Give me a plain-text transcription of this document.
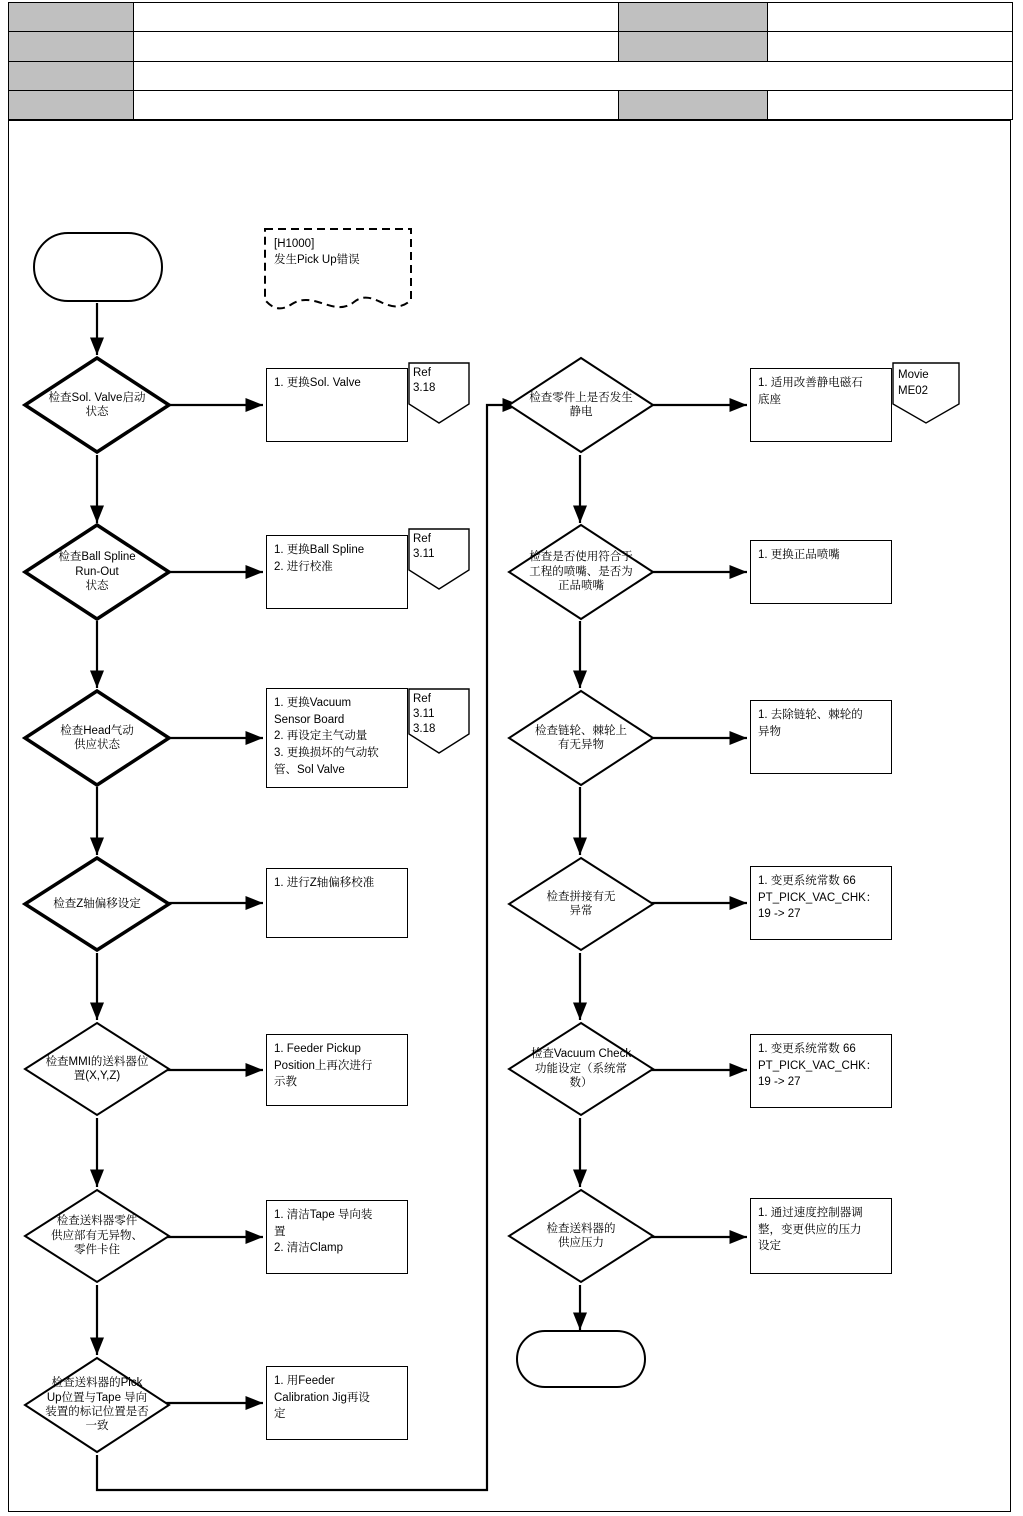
[H1000]
发生Pick Up错误
检查Sol. Valve启动
状态
1. 更换Sol. Valve
Ref
3.18
检查Ball Spline
Run-Out
状态
1. 更换Ball Spline
2. 进行校准
Ref
3.11
检查Head气动
供应状态
1. 更换Vacuum
Sensor Board
2. 再设定主气动量
3. 更换损坏的气动软
管、Sol Valve
Ref
3.11
3.18
检查Z轴偏移设定
1. 进行Z轴偏移校准
检查MMI的送料器位
置(X,Y,Z)
1. Feeder Pickup
Position上再次进行
示教
检查送料器零件
供应部有无异物、
零件卡住
1. 清洁Tape 导向装
置
2. 清洁Clamp
检查送料器的Pick
Up位置与Tape 导向
装置的标记位置是否
一致
1. 用Feeder
Calibration Jig再设
定
检查零件上是否发生
静电
1. 适用改善静电磁石
底座
Movie
ME02
检查是否使用符合于
工程的喷嘴、是否为
正品喷嘴
1. 更换正品喷嘴
检查链轮、棘轮上
有无异物
1. 去除链轮、棘轮的
异物
检查拼接有无
异常
1. 变更系统常数 66
PT_PICK_VAC_CHK：
19 -> 27
检查Vacuum Check
功能设定（系统常
数）
1. 变更系统常数 66
PT_PICK_VAC_CHK：
19 -> 27
检查送料器的
供应压力
1. 通过速度控制器调
整，变更供应的压力
设定
